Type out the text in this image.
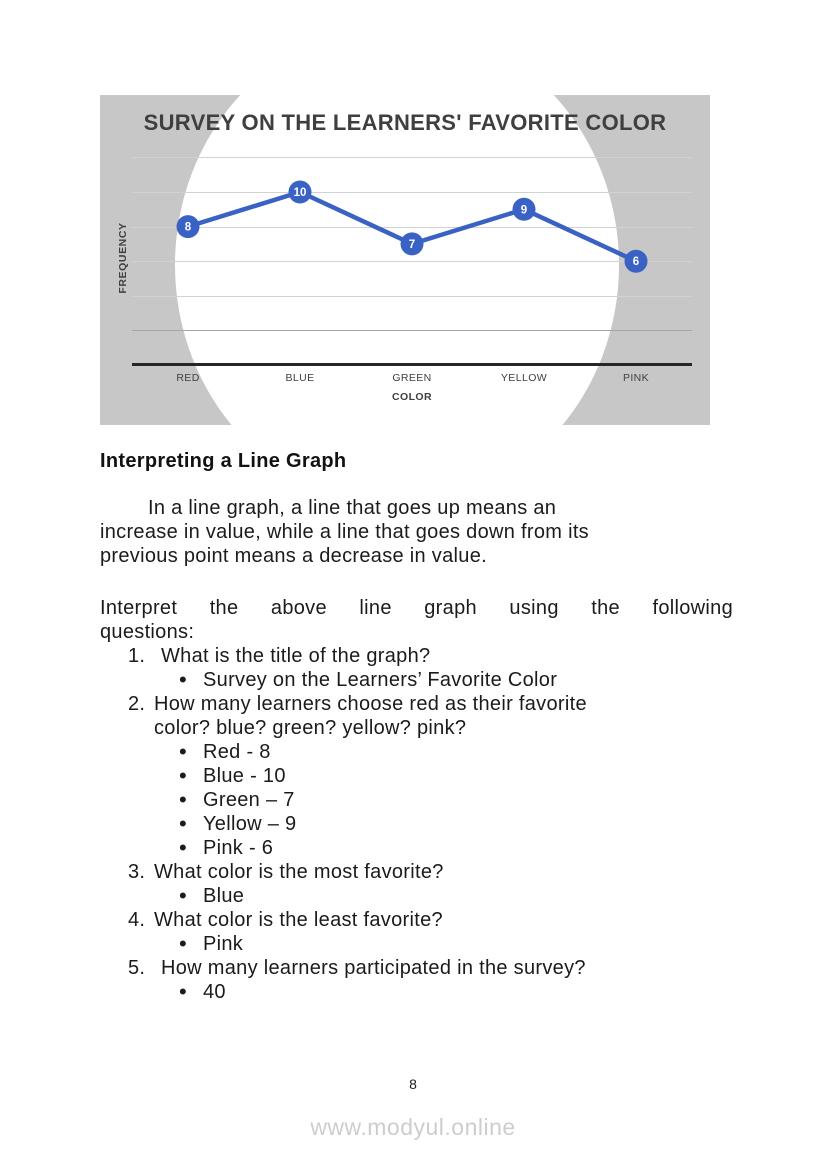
SURVEY ON THE LEARNERS' FAVORITE COLOR
FREQUENCY	8
10
7
9
6
RED	BLUE	GREEN	YELLOW	PINK
COLOR
Interpreting a Line Graph
In a line graph, a line that goes up means an
increase in value, while a line that goes down from its
previous point means a decrease in value.
Interpret the above line graph using the following
questions:
1. What is the title of the graph?
•
Survey on the Learners’ Favorite Color
2. How many learners choose red as their favorite
color? blue? green? yellow? pink?
•
Red - 8
•
Blue - 10
•
Green – 7
•
Yellow – 9
•
Pink - 6
3. What color is the most favorite?
•
Blue
4. What color is the least favorite?
•
Pink
5. How many learners participated in the survey?
•
40
8
www.modyul.online
